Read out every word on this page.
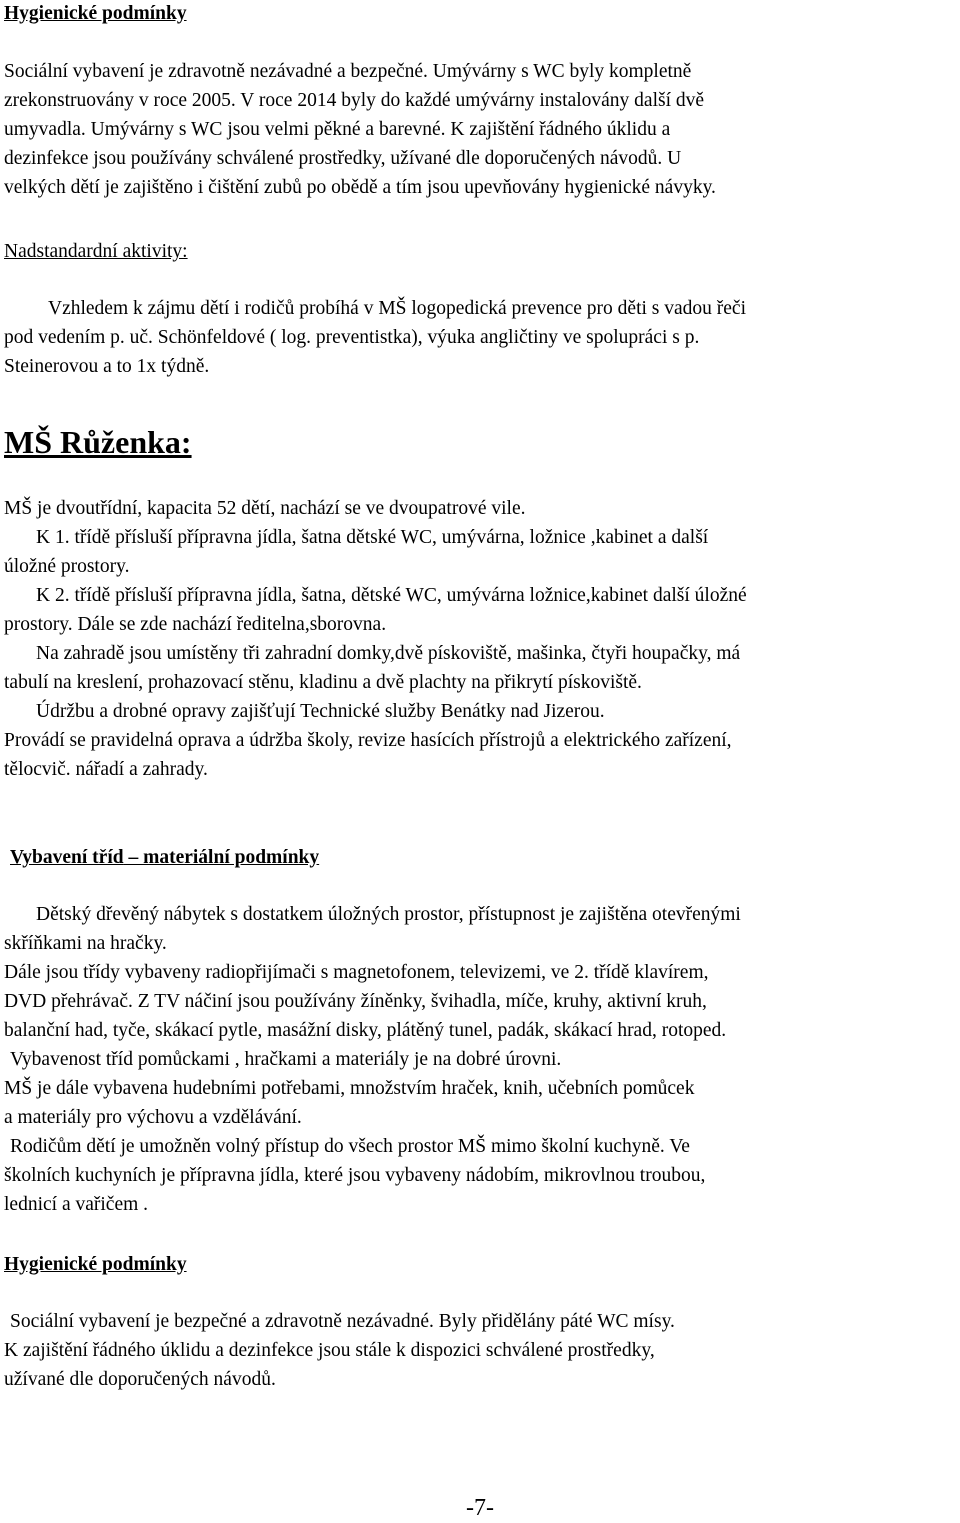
Hygienické podmínky
Sociální vybavení je zdravotně nezávadné a bezpečné. Umývárny s WC byly kompletně
zrekonstruovány v roce 2005. V roce 2014 byly do každé umývárny instalovány další dvě
umyvadla. Umývárny s WC jsou velmi pěkné a barevné. K zajištění řádného úklidu a
dezinfekce jsou používány schválené prostředky, užívané dle doporučených návodů. U
velkých dětí je zajištěno i čištění zubů po obědě a tím jsou upevňovány hygienické návyky.
Nadstandardní aktivity:
Vzhledem k zájmu dětí i rodičů probíhá v MŠ logopedická prevence pro děti s vadou řeči
pod vedením p. uč. Schönfeldové ( log. preventistka), výuka angličtiny ve spolupráci s p.
Steinerovou a to 1x týdně.
MŠ Růženka:
MŠ je dvoutřídní, kapacita 52 dětí, nachází se ve dvoupatrové vile.
K 1. třídě přísluší přípravna jídla, šatna dětské WC, umývárna, ložnice ,kabinet a další
úložné prostory.
K 2. třídě přísluší přípravna jídla, šatna, dětské WC, umývárna ložnice,kabinet další úložné
prostory. Dále se zde nachází ředitelna,sborovna.
Na zahradě jsou umístěny tři zahradní domky,dvě pískoviště, mašinka, čtyři houpačky, má
tabulí na kreslení, prohazovací stěnu, kladinu a dvě plachty na přikrytí pískoviště.
Údržbu a drobné opravy zajišťují Technické služby Benátky nad Jizerou.
Provádí se pravidelná oprava a údržba školy, revize hasících přístrojů a elektrického zařízení,
tělocvič. nářadí a zahrady.
Vybavení tříd – materiální podmínky
Dětský dřevěný nábytek s dostatkem úložných prostor, přístupnost je zajištěna otevřenými
skříňkami na hračky.
Dále jsou třídy vybaveny radiopřijímači s magnetofonem, televizemi, ve 2. třídě klavírem,
DVD přehrávač. Z TV náčiní jsou používány žíněnky, švihadla, míče, kruhy, aktivní kruh,
balanční had, tyče, skákací pytle, masážní disky, plátěný tunel, padák, skákací hrad, rotoped.
Vybavenost tříd pomůckami , hračkami a materiály je na dobré úrovni.
MŠ je dále vybavena hudebními potřebami, množstvím hraček, knih, učebních pomůcek
a materiály pro výchovu a vzdělávání.
Rodičům dětí je umožněn volný přístup do všech prostor MŠ mimo školní kuchyně. Ve
školních kuchyních je přípravna jídla, které jsou vybaveny nádobím, mikrovlnou troubou,
lednicí a vařičem .
Hygienické podmínky
Sociální vybavení je bezpečné a zdravotně nezávadné. Byly přidělány páté WC mísy.
K zajištění řádného úklidu a dezinfekce jsou stále k dispozici schválené prostředky,
užívané dle doporučených návodů.
-7-
